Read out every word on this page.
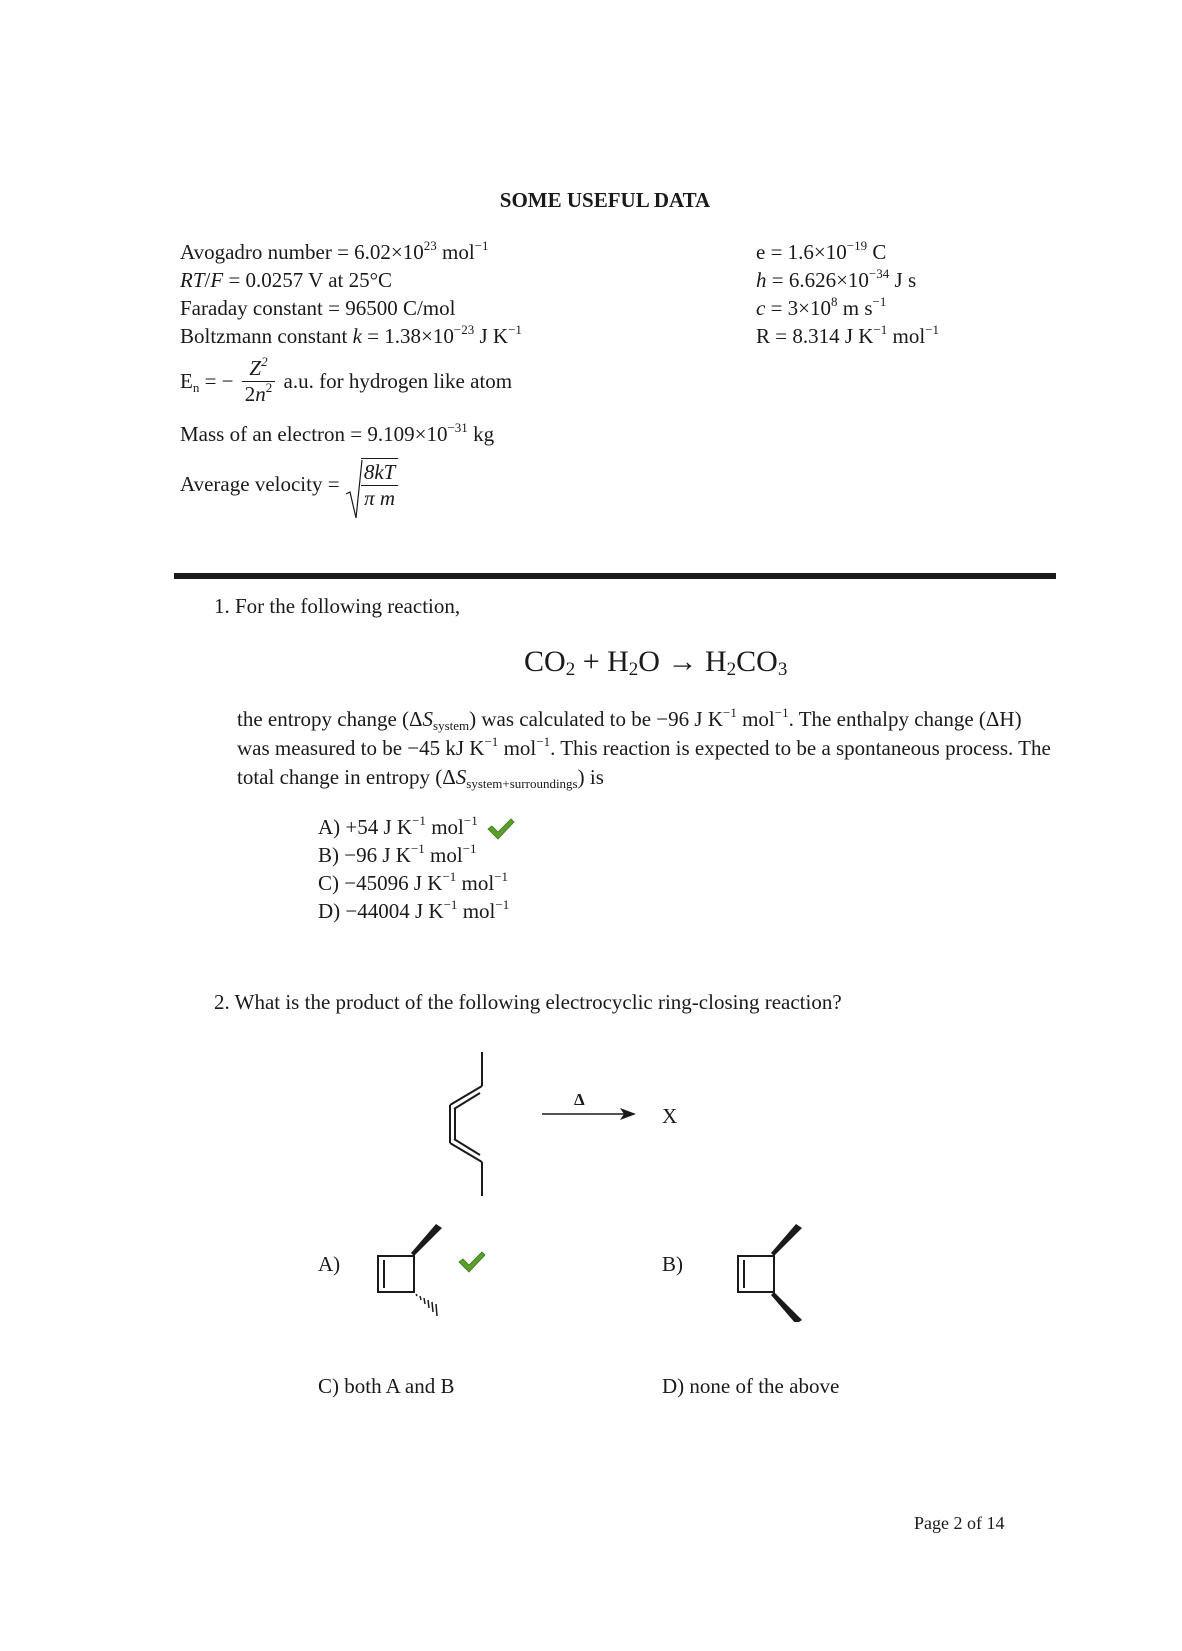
SOME USEFUL DATA
Avogadro number = $6.02\times 10^{23}$ mol$^{-1}$
RT/F = 0.0257 V at 25°C
Faraday constant = 96500 C/mol
Boltzmann constant $k = 1.38\times 10^{-23}$ J $K^{-1}$
$E_n$ = − $\frac{Z^2}{2n^2} a.u$. for hydrogen like atom
Mass of an electron = $9.109\times 10^{-31}$ kg
Average velocity = $\frac{8kT}{\text{π m}}$
$e = 1.6\times 10^{-19}$ C
$h = 6.626\times 10^{-34}$ J s
$c = 3\times 10^8$ m $s^{-1}$
R = 8.314 J $K^{-1}$ mol$^{-1}$
1. For the following reaction,
$CO_2 + H_2O \to H_2CO_3$
the entropy change $(\Delta S_{system})$ was calculated to be −96 J $K^{-1}$ mol$^{-1}$. The enthalpy change (ΔH) was measured to be −45 kJ $K^{-1}$ mol$^{-1}$. This reaction is expected to be a spontaneous process. The total change in entropy $(\Delta S_{system+surroundings})$ is
A) +54 J $K^{-1}$ mol$^{-1}$
B) −96 J $K^{-1}$ mol$^{-1}$
C) −45096 J $K^{-1}$ mol$^{-1}$
D) −44004 J $K^{-1}$ mol$^{-1}$
2. What is the product of the following electrocyclic ring-closing reaction?
Δ
X
A)	B)
C) both A and B	D) none of the above
Page 2 of 14
